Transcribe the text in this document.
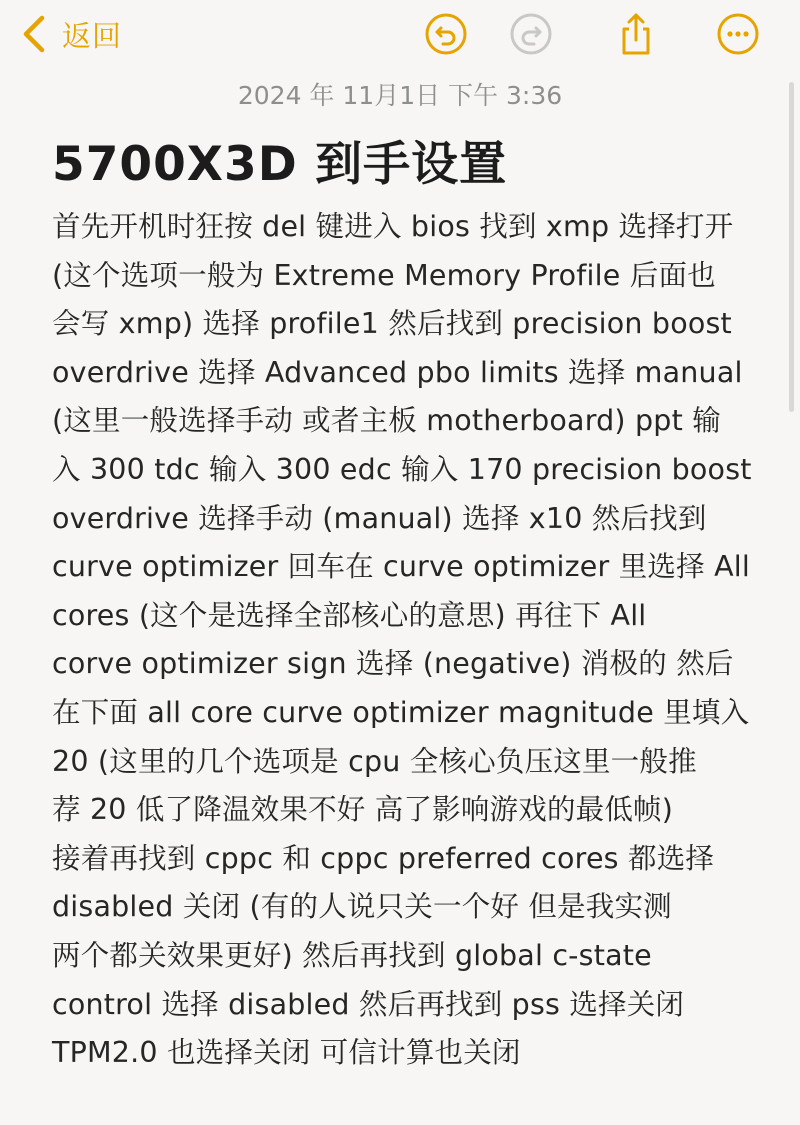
返回
2024 年 11月1日 下午 3:36
5700X3D 到手设置

首先开机时狂按 del 键进入 bios 找到 xmp 选择打开
(这个选项一般为 Extreme Memory Profile 后面也
会写 xmp) 选择 profile1 然后找到 precision boost
overdrive 选择 Advanced pbo limits 选择 manual
(这里一般选择手动 或者主板 motherboard) ppt 输
入 300 tdc 输入 300 edc 输入 170 precision boost
overdrive 选择手动 (manual) 选择 x10 然后找到
curve optimizer 回车在 curve optimizer 里选择 All
cores (这个是选择全部核心的意思) 再往下 All
corve optimizer sign 选择 (negative) 消极的 然后
在下面 all core curve optimizer magnitude 里填入
20 (这里的几个选项是 cpu 全核心负压这里一般推
荐 20 低了降温效果不好 高了影响游戏的最低帧)
接着再找到 cppc 和 cppc preferred cores 都选择
disabled 关闭 (有的人说只关一个好 但是我实测
两个都关效果更好) 然后再找到 global c-state
control 选择 disabled 然后再找到 pss 选择关闭
TPM2.0 也选择关闭 可信计算也关闭
